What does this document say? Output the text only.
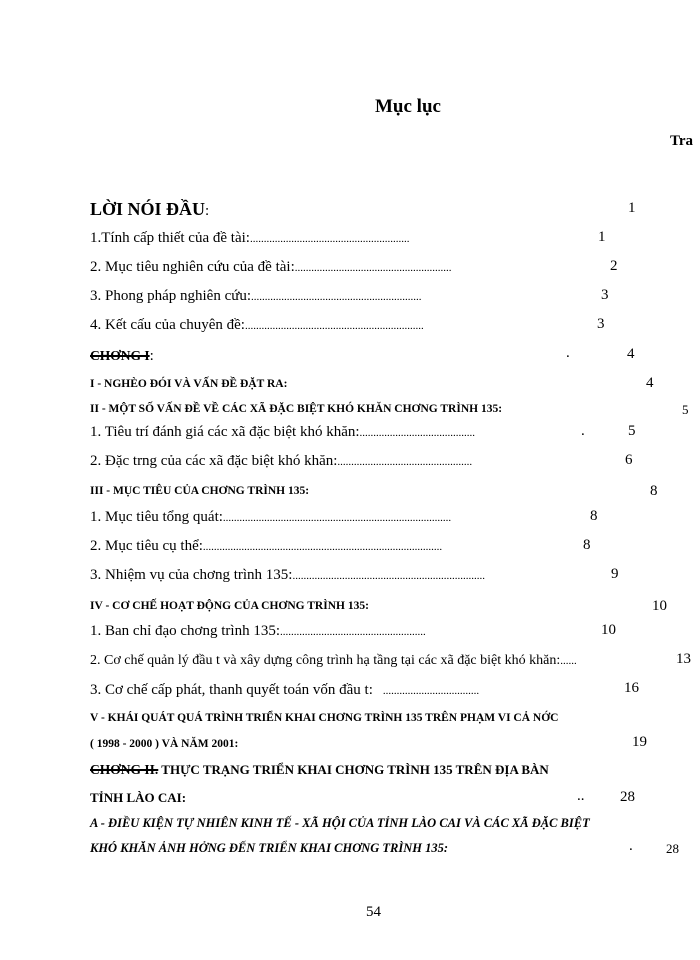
Mục lục
Tra
LỜI NÓI ĐẦU:	1
1.Tính cấp thiết của đề tài:..........................................................	1
2. Mục tiêu nghiên cứu của đề tài:.........................................................	2
3. Phong pháp nghiên cứu:..............................................................	3
4. Kết cấu của chuyên đề:.................................................................	3
CHƠNG I:	.	4
I - NGHÈO ĐÓI VÀ VẤN ĐỀ ĐẶT RA:	4
II - MỘT SỐ VẤN ĐỀ VỀ CÁC XÃ ĐẶC BIỆT KHÓ KHĂN CHƠNG TRÌNH 135:	5
1. Tiêu trí đánh giá các xã đặc biệt khó khăn:..........................................	.	5
2. Đặc trng của các xã đặc biệt khó khăn:.................................................	6
III - MỤC TIÊU CỦA CHƠNG TRÌNH 135:	8
1. Mục tiêu tổng quát:...................................................................................	8
2. Mục tiêu cụ thể:.......................................................................................	8
3. Nhiệm vụ của chơng trình 135:......................................................................	9
IV - CƠ CHẾ HOẠT ĐỘNG CỦA CHƠNG TRÌNH 135:	10
1. Ban chỉ đạo chơng trình 135:.....................................................	10
2. Cơ chế quản lý đầu t và xây dựng công trình hạ tầng tại các xã đặc biệt khó khăn:......	13
3. Cơ chế cấp phát, thanh quyết toán vốn đầu t: ...................................	16
V - KHÁI QUÁT QUÁ TRÌNH TRIỂN KHAI CHƠNG TRÌNH 135 TRÊN PHẠM VI CẢ NỚC
( 1998 - 2000 ) VÀ NĂM 2001:	19
CHƠNG II. THỰC TRẠNG TRIỂN KHAI CHƠNG TRÌNH 135 TRÊN ĐỊA BÀN
TỈNH LÀO CAI:	.. 28
A - ĐIỀU KIỆN TỰ NHIÊN KINH TẾ - XÃ HỘI CỦA TỈNH LÀO CAI VÀ CÁC XÃ ĐẶC BIỆT
KHÓ KHĂN ẢNH HỞNG ĐẾN TRIỂN KHAI CHƠNG TRÌNH 135:	.	28
54
